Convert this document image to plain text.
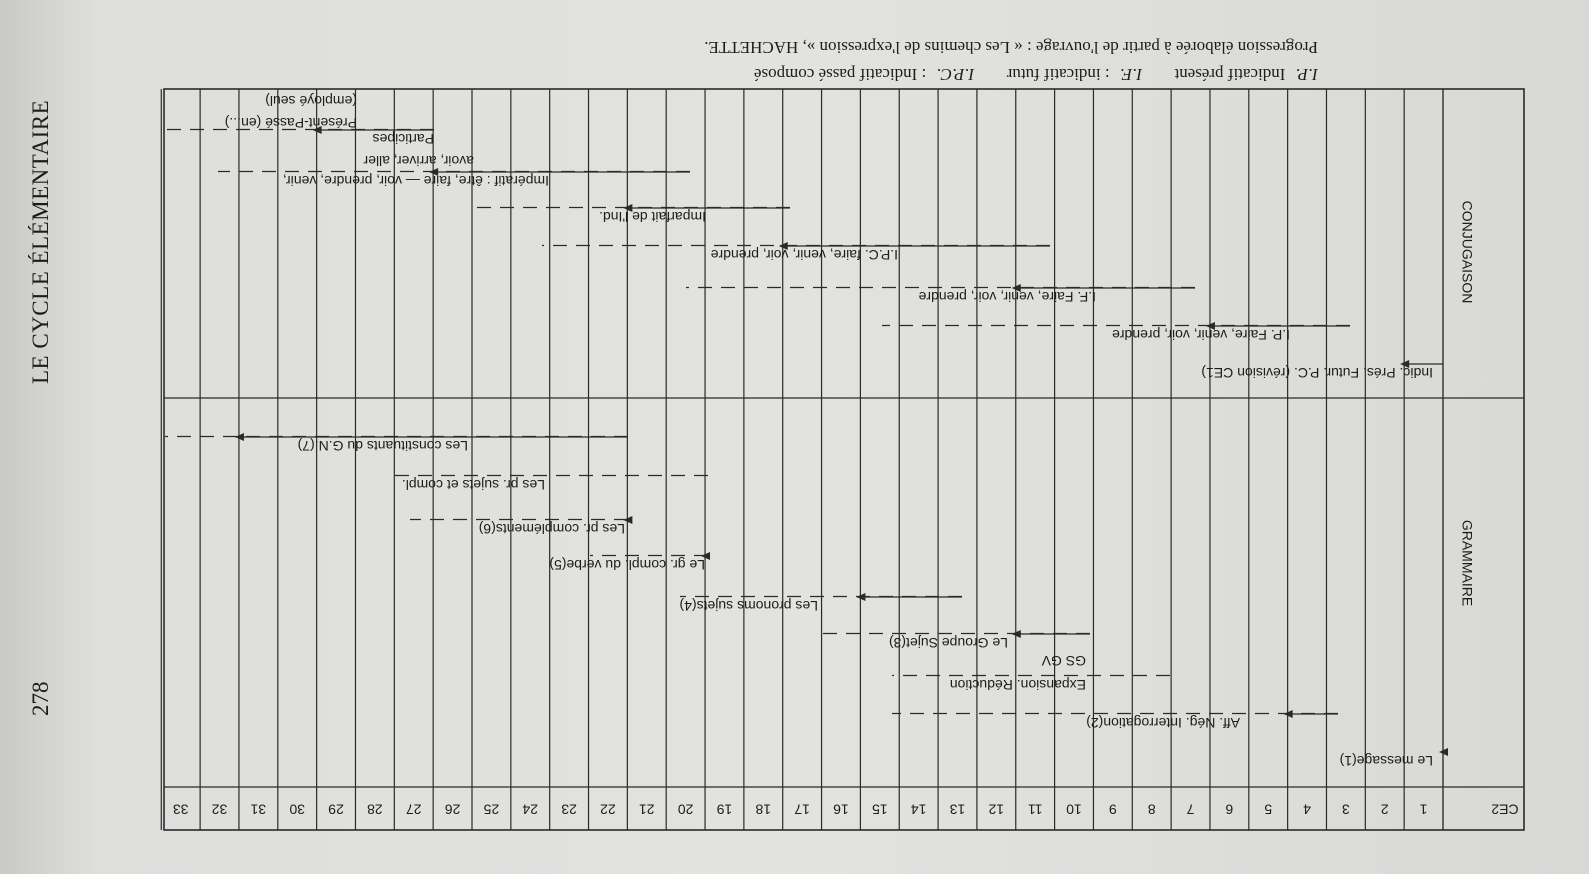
LE CYCLE ÉLÉMENTAIRE
278
I.P. Indicatif présent I.F. : indicatif futur I.P.C. : Indicatif passé composé
Progression élaborée à partir de l'ouvrage : « Les chemins de l'expression », HACHETTE.
CE2
1
2
3
4
5
6
7
8
9
10
11
12
13
14
15
16
17
18
19
20
21
22
23
24
25
26
27
28
29
30
31
32
33
CONJUGAISON
GRAMMAIRE
Le message(1)
Aff. Nég. Interrogation(2)
Expansion. Réduction
GS GV
Le Groupe Sujet(3)
Les pronoms sujets(4)
Le gr. compl. du verbe(5)
Les pr. compléments(6)
Les pr. sujets et compl.
Les constituants du G.N.(7)
Indic. Prés. Futur. P.C. (révision CE1)
I.P. Faire, venir, voir, prendre
I.F. Faire, venir, voir, prendre
I.P.C. faire, venir, voir, prendre
Imparfait de l'Ind.
Impératif : être, faire — voir, prendre, venir,
avoir, arriver, aller
Participes
Présent-Passé (en...)
(employé seul)
